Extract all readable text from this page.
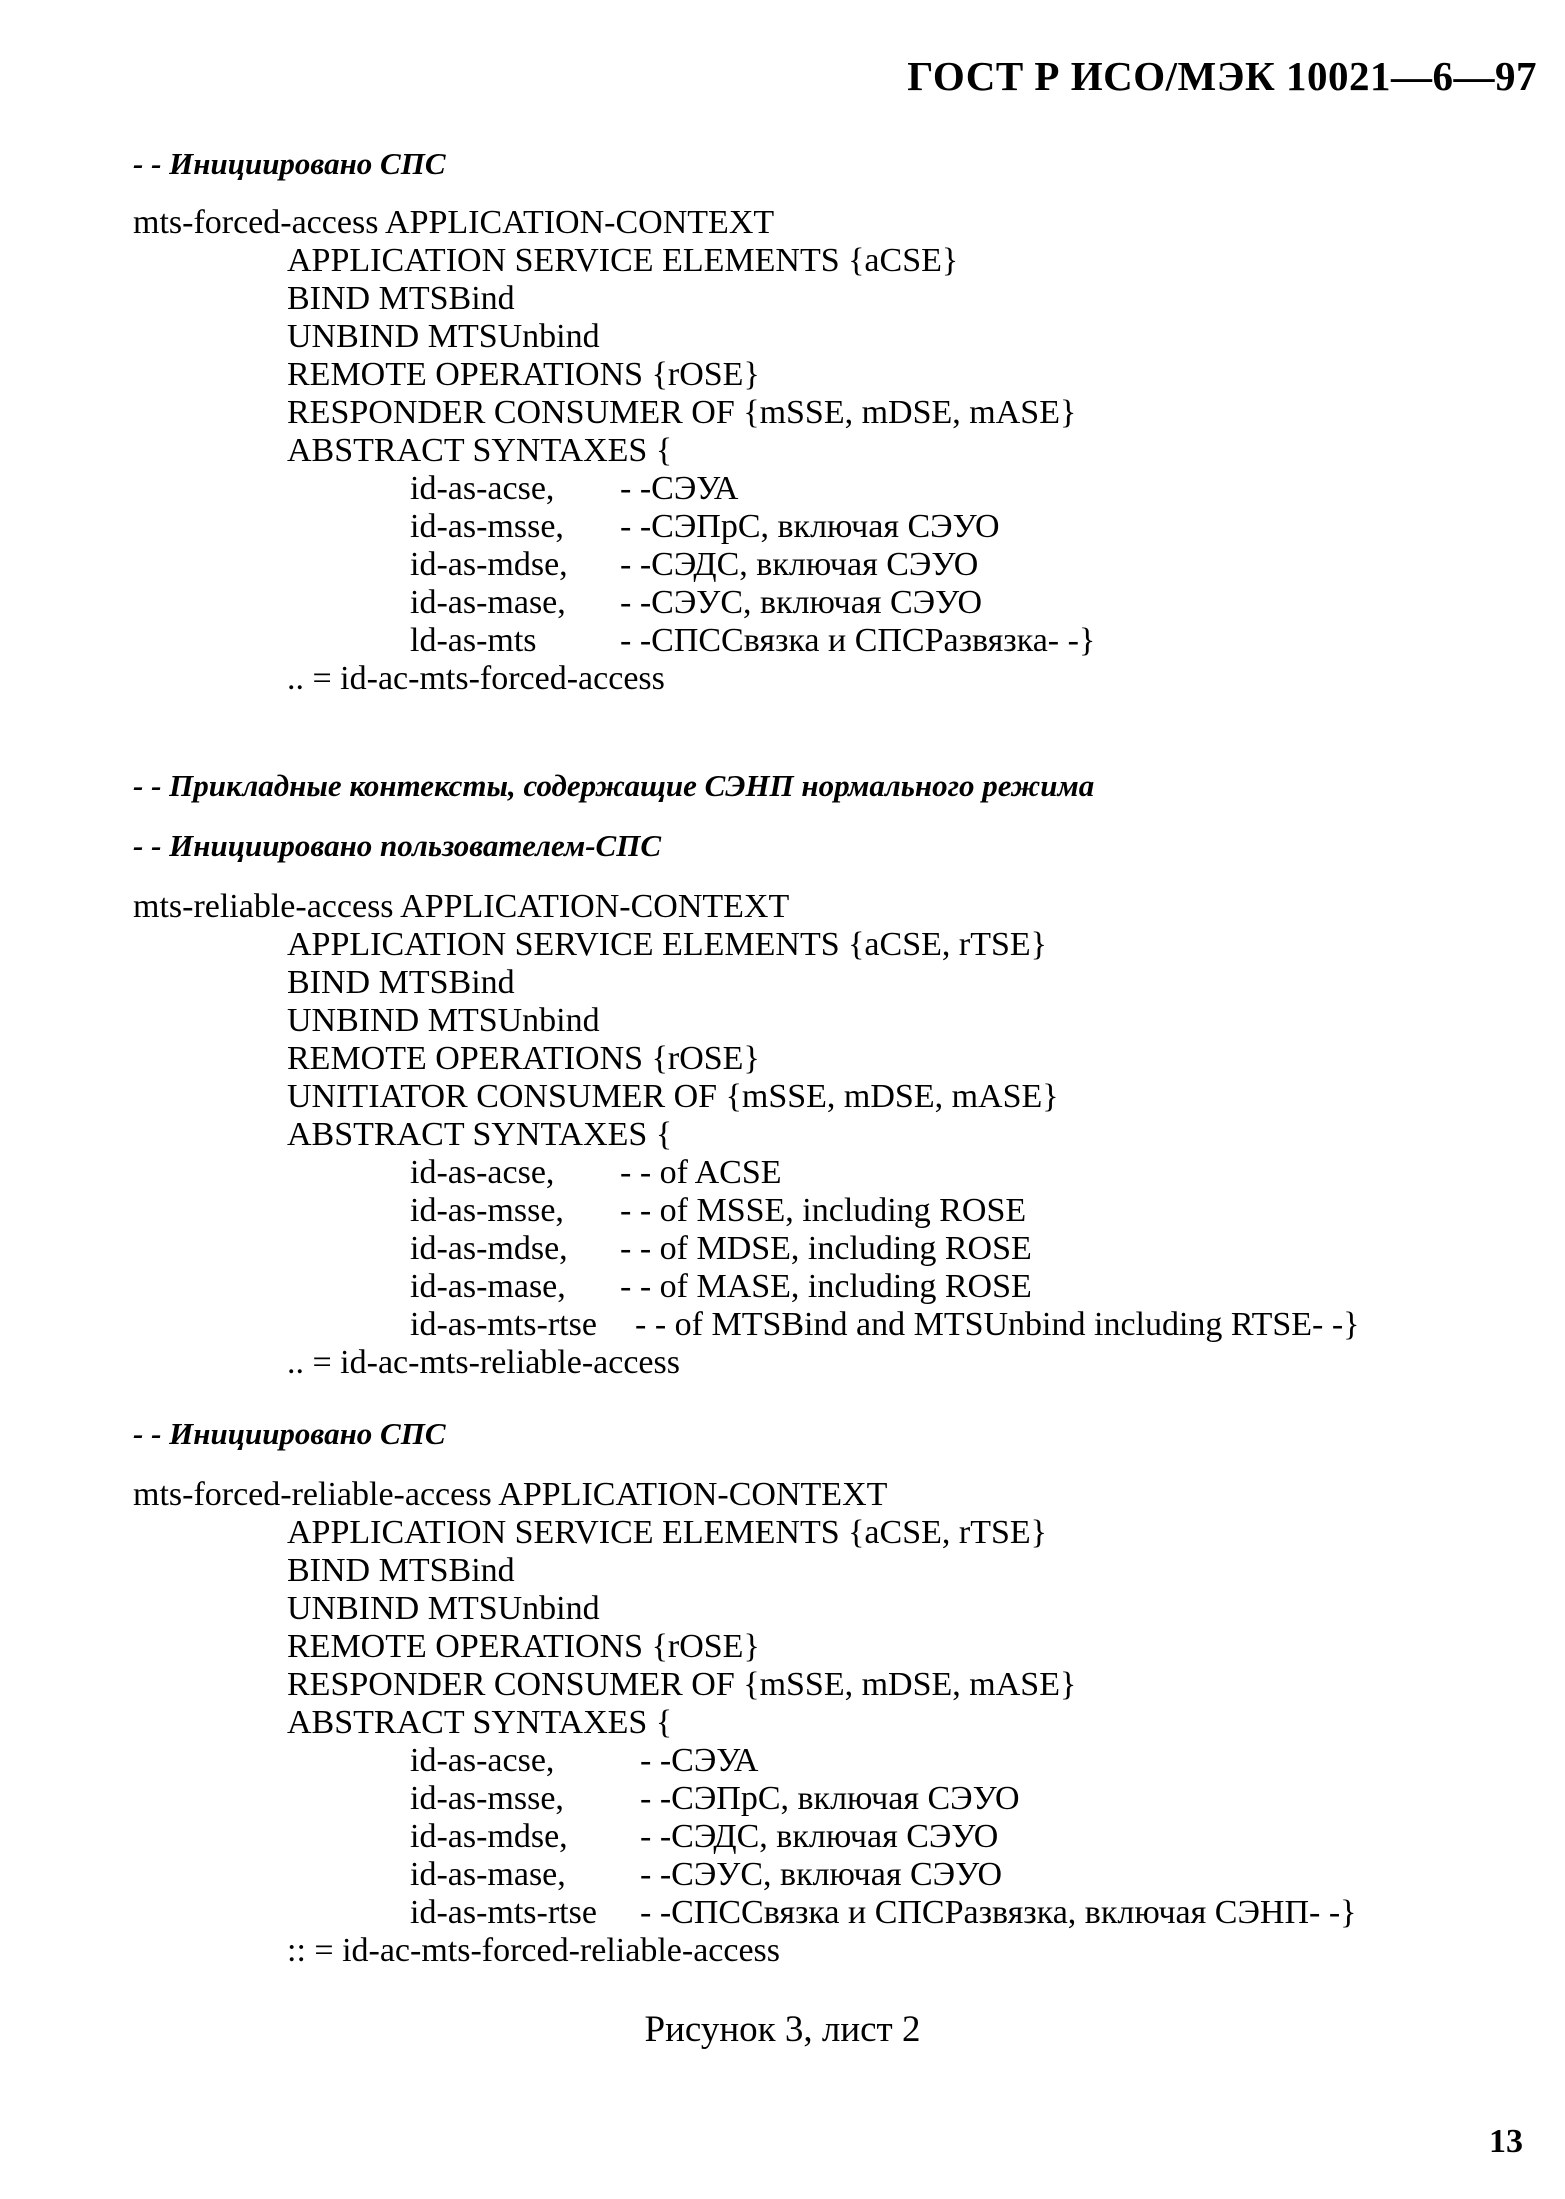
ГОСТ Р ИСО/МЭК 10021—6—97
- - Инициировано СПС
mts-forced-access APPLICATION-CONTEXT
APPLICATION SERVICE ELEMENTS {aCSE}
BIND MTSBind
UNBIND MTSUnbind
REMOTE OPERATIONS {rOSE}
RESPONDER CONSUMER OF {mSSE, mDSE, mASE}
ABSTRACT SYNTAXES {
id-as-acse, - -СЭУА
id-as-msse, - -СЭПрС, включая СЭУО
id-as-mdse, - -СЭДС, включая СЭУО
id-as-mase, - -СЭУС, включая СЭУО
ld-as-mts - -СПССвязка и СПСРазвязка- -}
.. = id-ac-mts-forced-access
- - Прикладные контексты, содержащие СЭНП нормального режима
- - Инициировано пользователем-СПС
mts-reliable-access APPLICATION-CONTEXT
APPLICATION SERVICE ELEMENTS {aCSE, rTSE}
BIND MTSBind
UNBIND MTSUnbind
REMOTE OPERATIONS {rOSE}
UNITIATOR CONSUMER OF {mSSE, mDSE, mASE}
ABSTRACT SYNTAXES {
id-as-acse, - - of ACSE
id-as-msse, - - of MSSE, including ROSE
id-as-mdse, - - of MDSE, including ROSE
id-as-mase, - - of MASE, including ROSE
id-as-mts-rtse - - of MTSBind and MTSUnbind including RTSE- -}
.. = id-ac-mts-reliable-access
- - Инициировано СПС
mts-forced-reliable-access APPLICATION-CONTEXT
APPLICATION SERVICE ELEMENTS {aCSE, rTSE}
BIND MTSBind
UNBIND MTSUnbind
REMOTE OPERATIONS {rOSE}
RESPONDER CONSUMER OF {mSSE, mDSE, mASE}
ABSTRACT SYNTAXES {
id-as-acse,	- -СЭУА
id-as-msse, - -СЭПрС, включая СЭУО
id-as-mdse, - -СЭДС, включая СЭУО
id-as-mase, - -СЭУС, включая СЭУО
id-as-mts-rtse - -СПССвязка и СПСРазвязка, включая СЭНП- -}
:: = id-ac-mts-forced-reliable-access
Рисунок 3, лист 2
13
